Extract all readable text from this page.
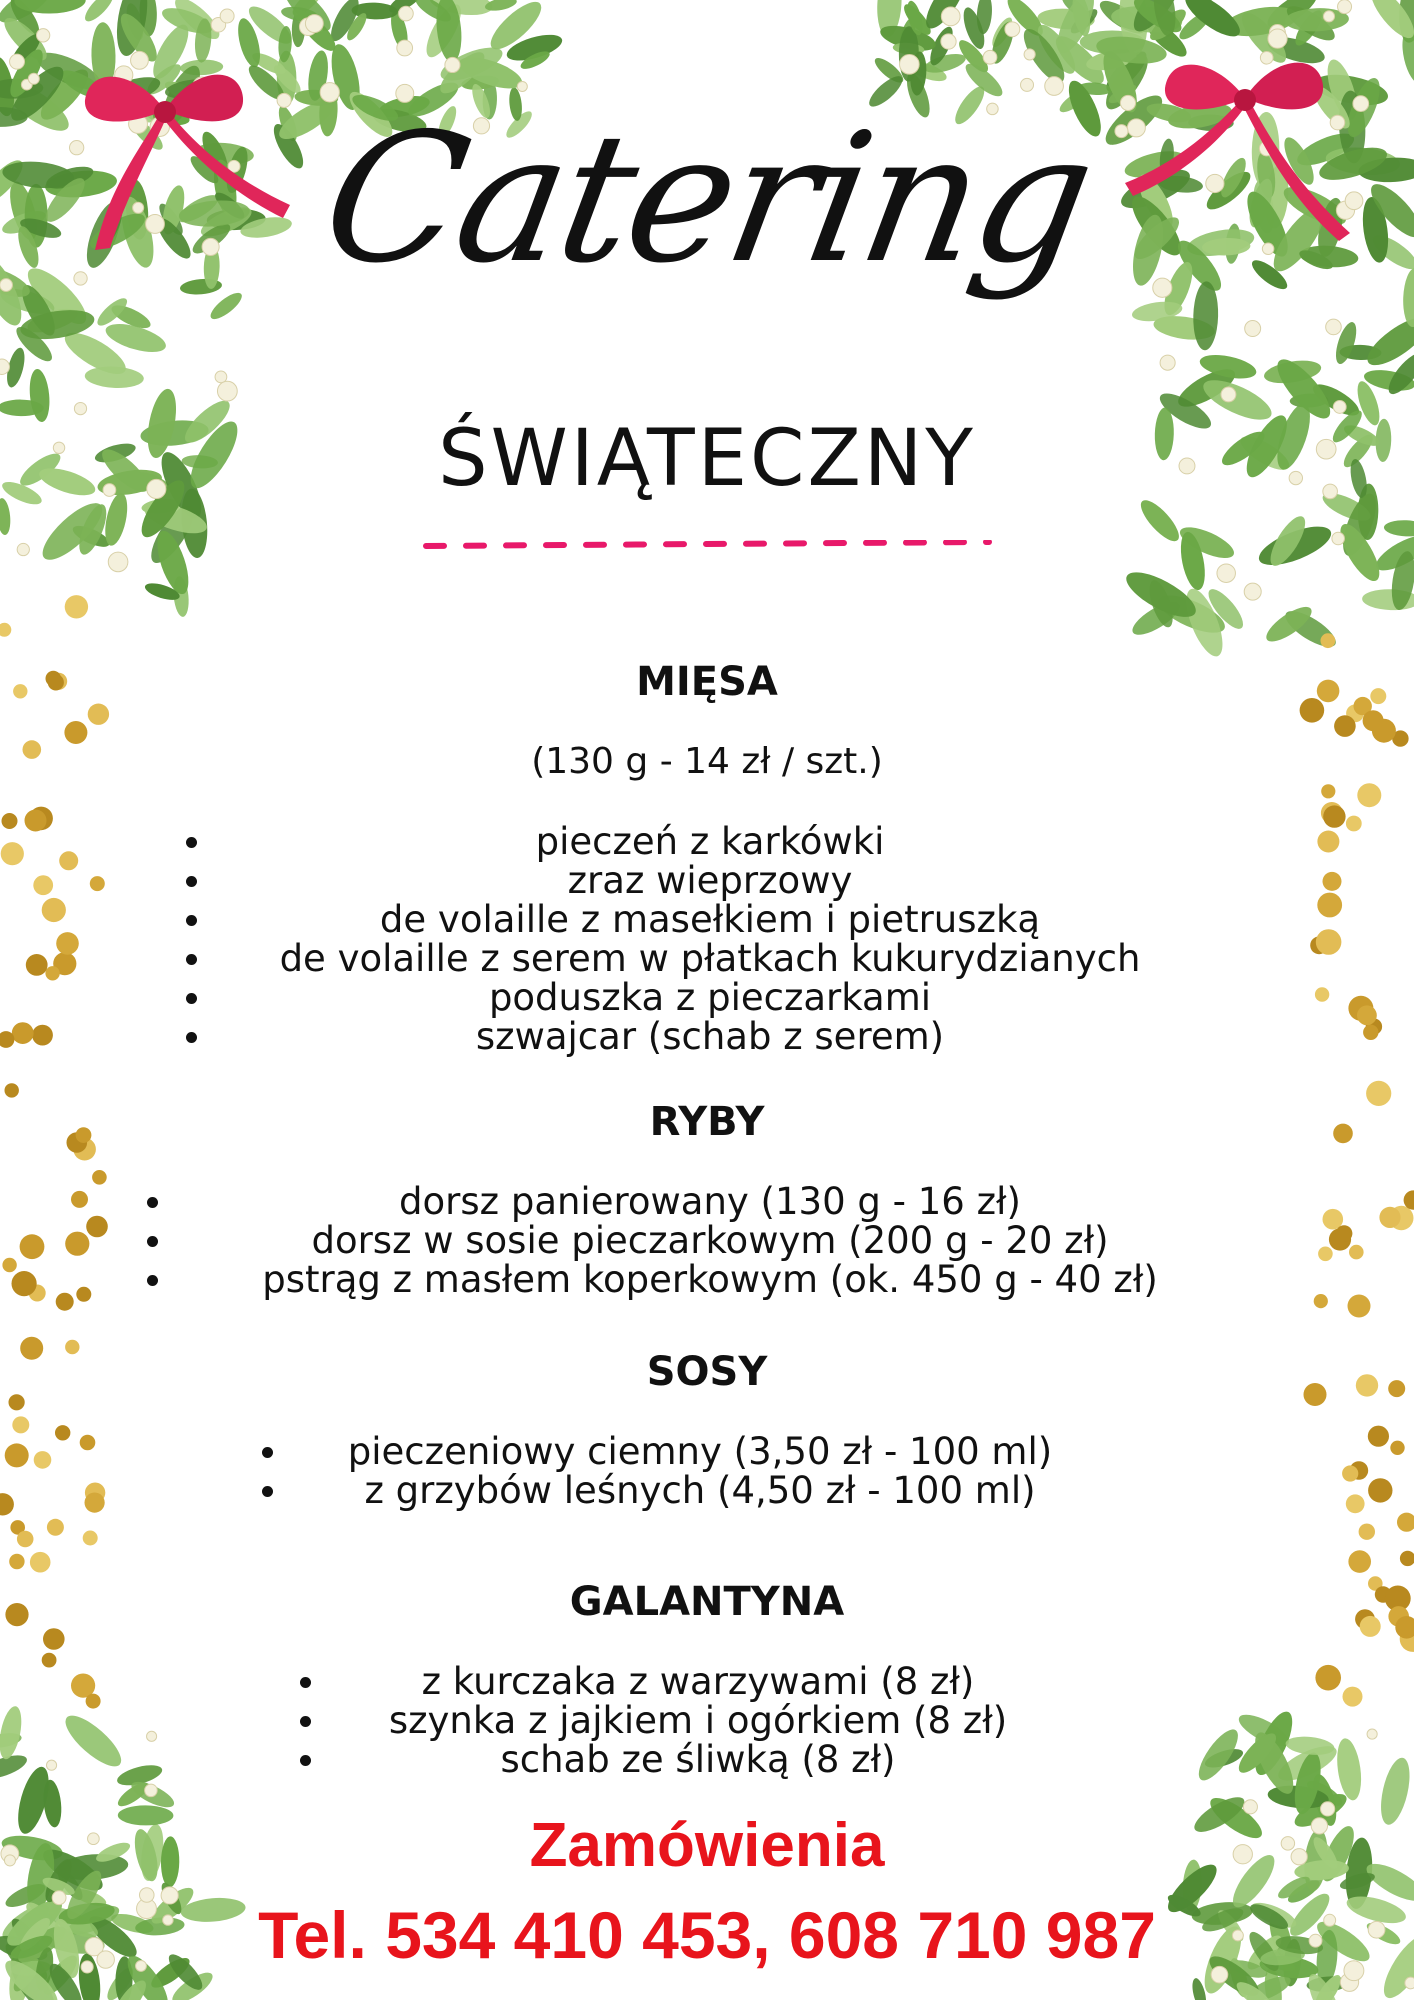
Catering
ŚWIĄTECZNY
MIĘSA
(130 g - 14 zł / szt.)
pieczeń z karkówki
zraz wieprzowy
de volaille z masełkiem i pietruszką
de volaille z serem w płatkach kukurydzianych
poduszka z pieczarkami
szwajcar (schab z serem)
RYBY
dorsz panierowany (130 g - 16 zł)
dorsz w sosie pieczarkowym (200 g - 20 zł)
pstrąg z masłem koperkowym (ok. 450 g - 40 zł)
SOSY
pieczeniowy ciemny (3,50 zł - 100 ml)
z grzybów leśnych (4,50 zł - 100 ml)
GALANTYNA
z kurczaka z warzywami (8 zł)
szynka z jajkiem i ogórkiem (8 zł)
schab ze śliwką (8 zł)
Zamówienia
Tel. 534 410 453, 608 710 987
